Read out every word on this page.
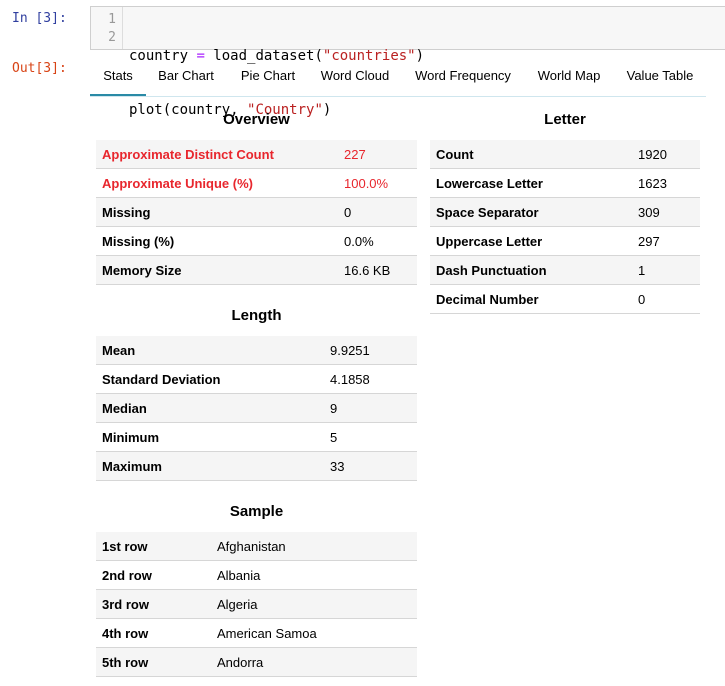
In [3]:
Out[3]:
1
2

country = load_dataset("countries")

plot(country, "Country")

Stats	Bar Chart	Pie Chart	Word Cloud	Word Frequency	World Map	Value Table
Overview
Approximate Distinct Count	227
Approximate Unique (%)	100.0%
Missing	0
Missing (%)	0.0%
Memory Size	16.6 KB
Length
Mean	9.9251
Standard Deviation	4.1858
Median	9
Minimum	5
Maximum	33
Sample
1st row	Afghanistan
2nd row	Albania
3rd row	Algeria
4th row	American Samoa
5th row	Andorra
Letter
Count	1920
Lowercase Letter	1623
Space Separator	309
Uppercase Letter	297
Dash Punctuation	1
Decimal Number	0
